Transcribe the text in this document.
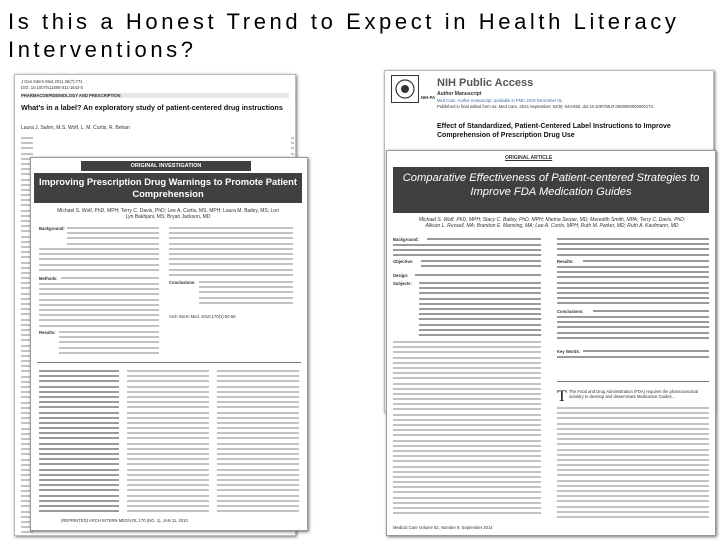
Is this a Honest Trend to Expect in Health Literacy Interventions?
J Gen Intern Med 2011 26(7):771
DOI: 10.1007/s11606-011-1642-5
PHARMACOEPIDEMIOLOGY AND PRESCRIPTION
What's in a label? An exploratory study of patient-centered drug instructions
Laura J. Sahm, M.S. Wolf, L. M. Curtis, R. Behan
ORIGINAL INVESTIGATION
Improving Prescription Drug Warnings to Promote Patient Comprehension
Michael S. Wolf, PhD, MPH; Terry C. Davis, PhD; Lee A. Curtis, MS, MPH; Laura M. Bailey, MS; Lori Lyn Bakhjani, MS; Bryan Jackson, MD
Background:
Methods:
Results:
Conclusions:
Arch Intern Med. 2010;170(1):50-56
(REPRINTED) ARCH INTERN MED/VOL 170 (NO. 1), JAN 11, 2010
NIH-PA
NIH Public Access
Author Manuscript
Med Care. Author manuscript; available in PMC 2015 December 01.
Published in final edited form as: Med Care. 2014 September; 52(9): 844-850. doi:10.1097/MLR.0000000000000174.
Effect of Standardized, Patient-Centered Label Instructions to Improve Comprehension of Prescription Drug Use
ORIGINAL ARTICLE
Comparative Effectiveness of Patient-centered Strategies to Improve FDA Medication Guides
Michael S. Wolf, PhD, MPH; Stacy C. Bailey, PhD, MPH; Marina Serper, MD; Meredith Smith, MPA; Terry C. Davis, PhD; Allison L. Russell, MA; Brandon E. Manning, MA; Lee A. Curtis, MPH; Ruth M. Parker, MD; Ruth A. Kaufmann, MD
Background:
Objective:
Design:
Subjects:
Results:
Conclusions:
Key Words:
T The Food and Drug Administration (FDA) requires the pharmaceutical industry to develop and disseminate Medication Guides...
Medical Care Volume 52, Number 9, September 2014
